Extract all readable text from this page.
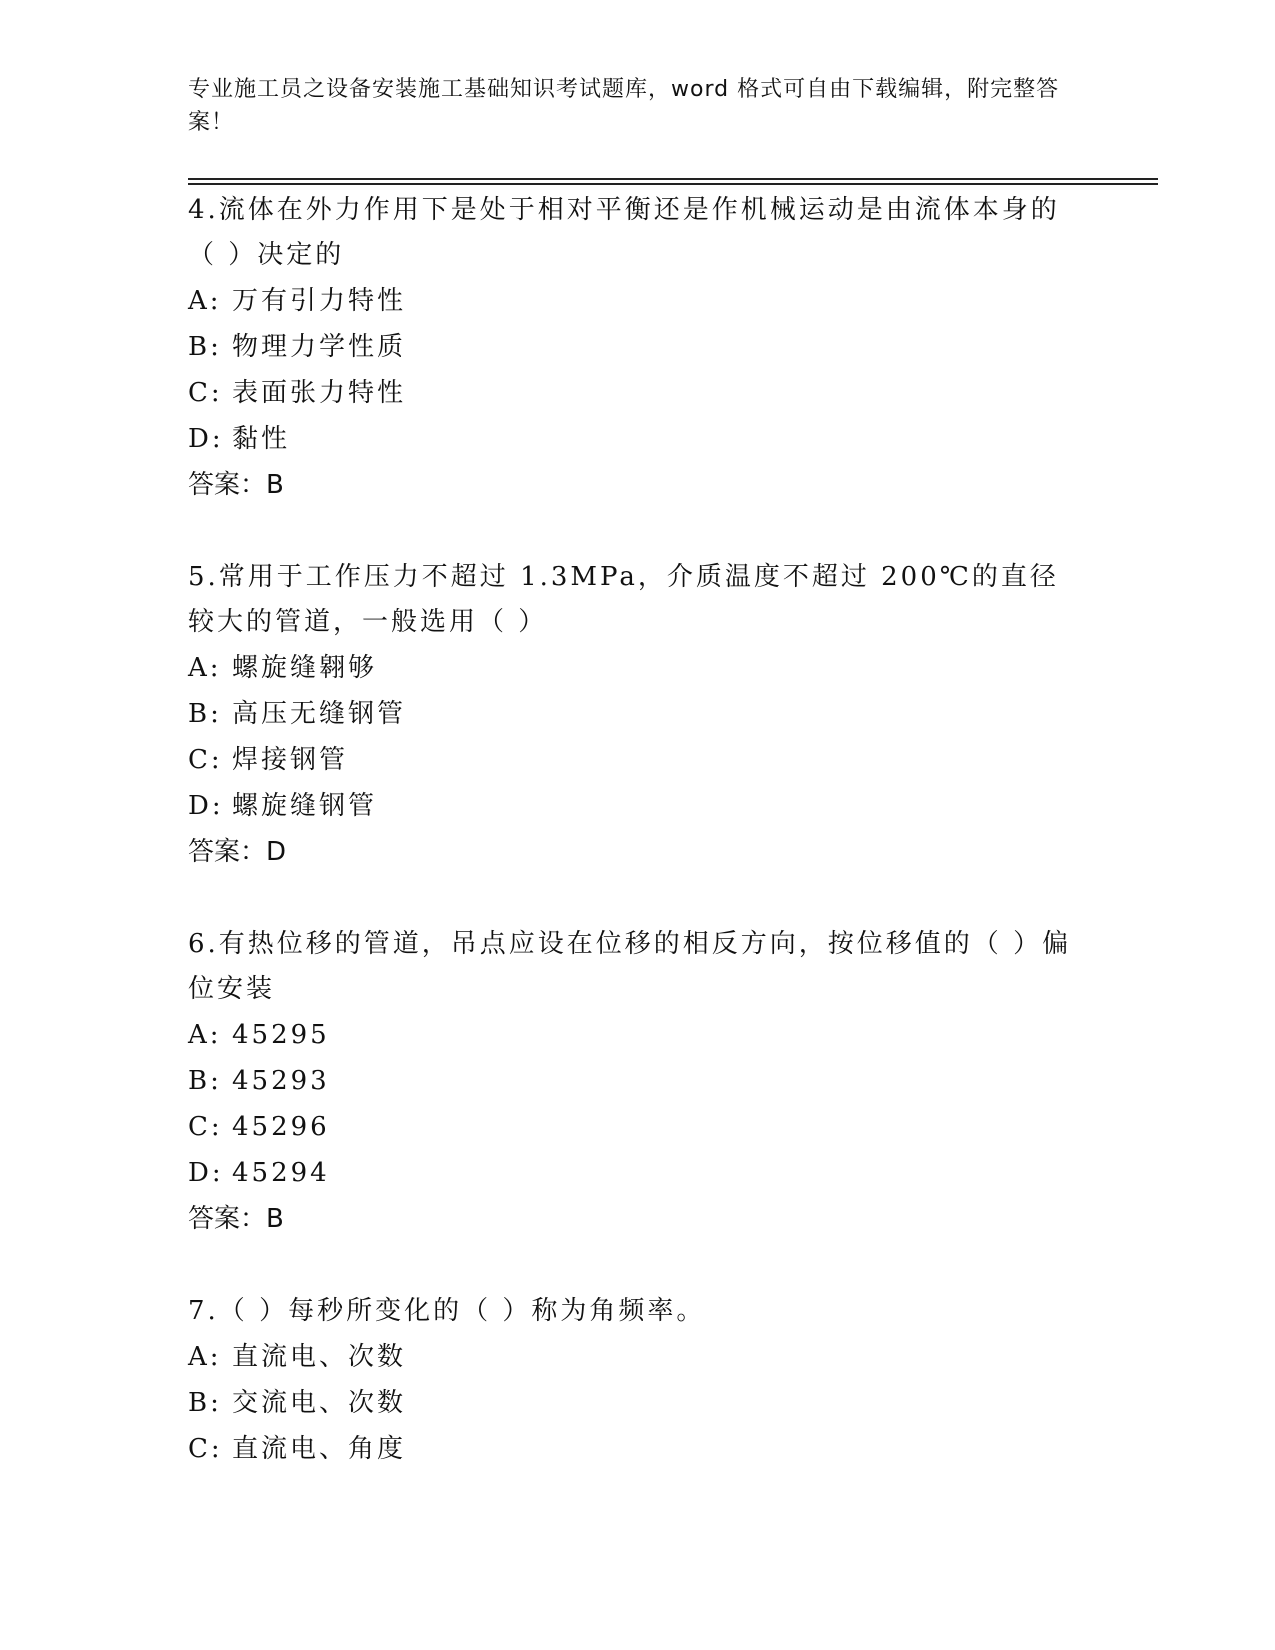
专业施工员之设备安装施工基础知识考试题库，word 格式可自由下载编辑，附完整答案！

4.流体在外力作用下是处于相对平衡还是作机械运动是由流体本身的（ ）决定的

A: 万有引力特性

B: 物理力学性质

C: 表面张力特性

D: 黏性

答案：B

5.常用于工作压力不超过 1.3MPa，介质温度不超过 200℃的直径较大的管道，一般选用（ ）

A: 螺旋缝翱够

B: 高压无缝钢管

C: 焊接钢管

D: 螺旋缝钢管

答案：D

6.有热位移的管道，吊点应设在位移的相反方向，按位移值的（ ）偏位安装

A: 45295

B: 45293

C: 45296

D: 45294

答案：B

7.（ ）每秒所变化的（ ）称为角频率。

A: 直流电、次数

B: 交流电、次数

C: 直流电、角度
